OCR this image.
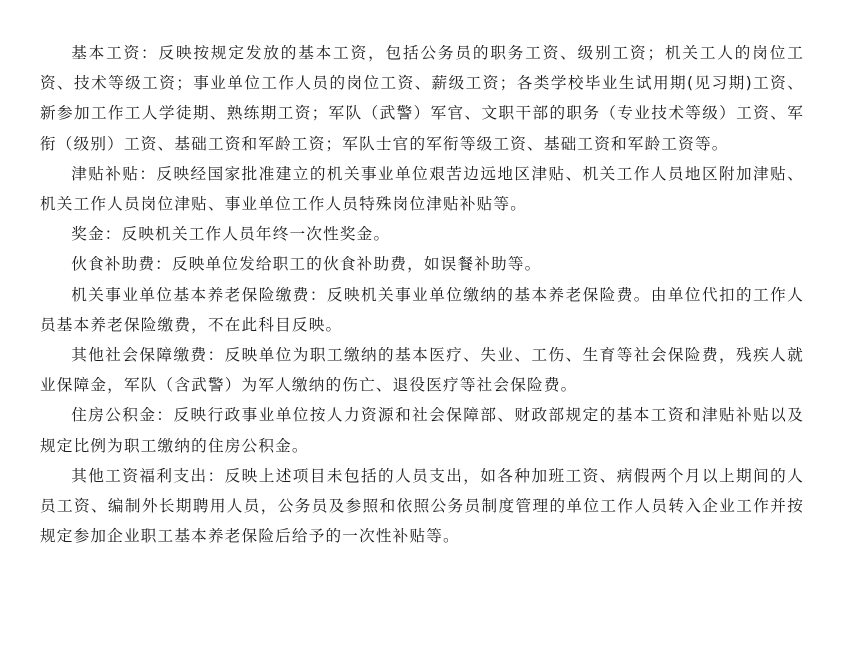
基本工资：反映按规定发放的基本工资，包括公务员的职务工资、级别工资；机关工人的岗位工资、技术等级工资；事业单位工作人员的岗位工资、薪级工资；各类学校毕业生试用期(见习期)工资、新参加工作工人学徒期、熟练期工资；军队（武警）军官、文职干部的职务（专业技术等级）工资、军衔（级别）工资、基础工资和军龄工资；军队士官的军衔等级工资、基础工资和军龄工资等。

津贴补贴：反映经国家批准建立的机关事业单位艰苦边远地区津贴、机关工作人员地区附加津贴、机关工作人员岗位津贴、事业单位工作人员特殊岗位津贴补贴等。

奖金：反映机关工作人员年终一次性奖金。

伙食补助费：反映单位发给职工的伙食补助费，如误餐补助等。

机关事业单位基本养老保险缴费：反映机关事业单位缴纳的基本养老保险费。由单位代扣的工作人员基本养老保险缴费，不在此科目反映。

其他社会保障缴费：反映单位为职工缴纳的基本医疗、失业、工伤、生育等社会保险费，残疾人就业保障金，军队（含武警）为军人缴纳的伤亡、退役医疗等社会保险费。

住房公积金：反映行政事业单位按人力资源和社会保障部、财政部规定的基本工资和津贴补贴以及规定比例为职工缴纳的住房公积金。

其他工资福利支出：反映上述项目未包括的人员支出，如各种加班工资、病假两个月以上期间的人员工资、编制外长期聘用人员，公务员及参照和依照公务员制度管理的单位工作人员转入企业工作并按规定参加企业职工基本养老保险后给予的一次性补贴等。
